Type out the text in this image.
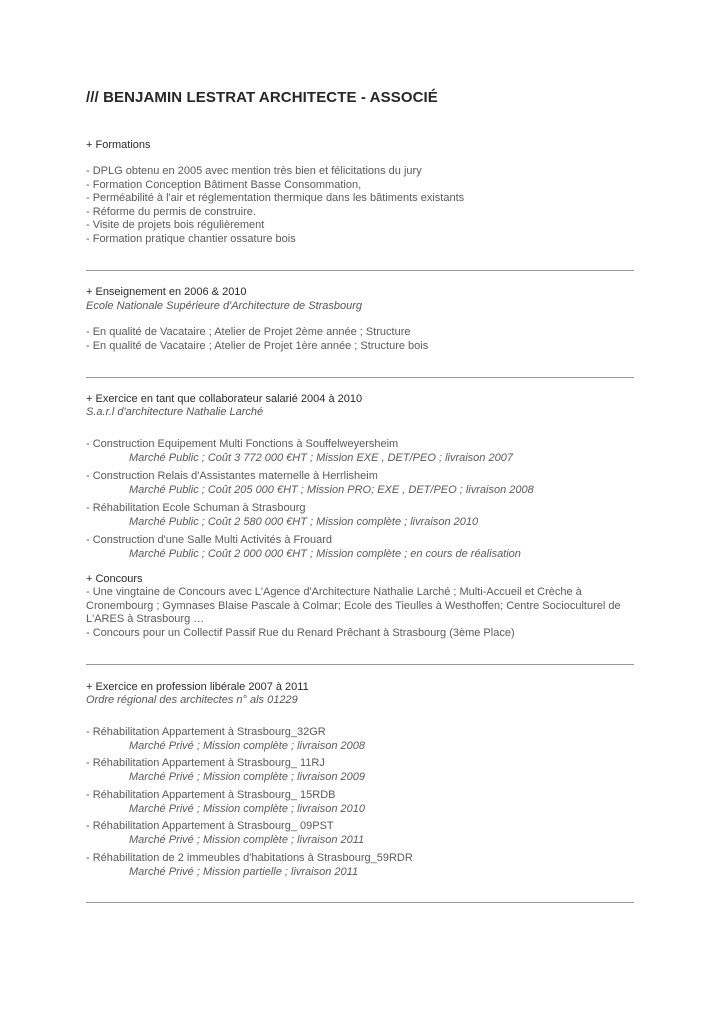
/// BENJAMIN LESTRAT ARCHITECTE - ASSOCIÉ
+ Formations
- DPLG obtenu en 2005 avec mention très bien et félicitations du jury
- Formation Conception Bâtiment Basse Consommation,
- Perméabilité à l'air et réglementation thermique dans les bâtiments existants
- Réforme du permis de construire.
- Visite de projets bois régulièrement
- Formation pratique chantier ossature bois
+ Enseignement en 2006 & 2010
Ecole Nationale Supérieure d'Architecture de Strasbourg
- En qualité de Vacataire ; Atelier de Projet 2ème année ; Structure
- En qualité de Vacataire ; Atelier de Projet 1ère année ; Structure bois
+ Exercice en tant que collaborateur salarié 2004 à 2010
S.a.r.l d'architecture Nathalie Larché
- Construction Equipement Multi Fonctions à Souffelweyersheim
Marché Public ; Coût 3 772 000 €HT ; Mission EXE , DET/PEO ; livraison 2007
- Construction Relais d'Assistantes maternelle à Herrlisheim
Marché Public ; Coût 205 000 €HT ; Mission PRO; EXE , DET/PEO ; livraison 2008
- Réhabilitation Ecole Schuman à Strasbourg
Marché Public ; Coût 2 580 000 €HT ; Mission complète ; livraison 2010
- Construction d'une Salle Multi Activités à Frouard
Marché Public ; Coût 2 000 000 €HT ; Mission complète ; en cours de réalisation
+ Concours

- Une vingtaine de Concours avec L'Agence d'Architecture Nathalie Larché ; Multi-Accueil et Crèche à Cronembourg ; Gymnases Blaise Pascale à Colmar; Ecole des Tieulles à Westhoffen; Centre Socioculturel de L'ARES à Strasbourg …

- Concours pour un Collectif Passif Rue du Renard Prêchant à Strasbourg (3ème Place)

+ Exercice en profession libérale 2007 à 2011
Ordre régional des architectes n° als 01229
- Réhabilitation Appartement à Strasbourg_32GR
Marché Privé ; Mission complète ; livraison 2008
- Réhabilitation Appartement à Strasbourg_ 11RJ
Marché Privé ; Mission complète ; livraison 2009
- Réhabilitation Appartement à Strasbourg_ 15RDB
Marché Privé ; Mission complète ; livraison 2010
- Réhabilitation Appartement à Strasbourg_ 09PST
Marché Privé ; Mission complète ; livraison 2011
- Réhabilitation de 2 immeubles d'habitations à Strasbourg_59RDR
Marché Privé ; Mission partielle ; livraison 2011
